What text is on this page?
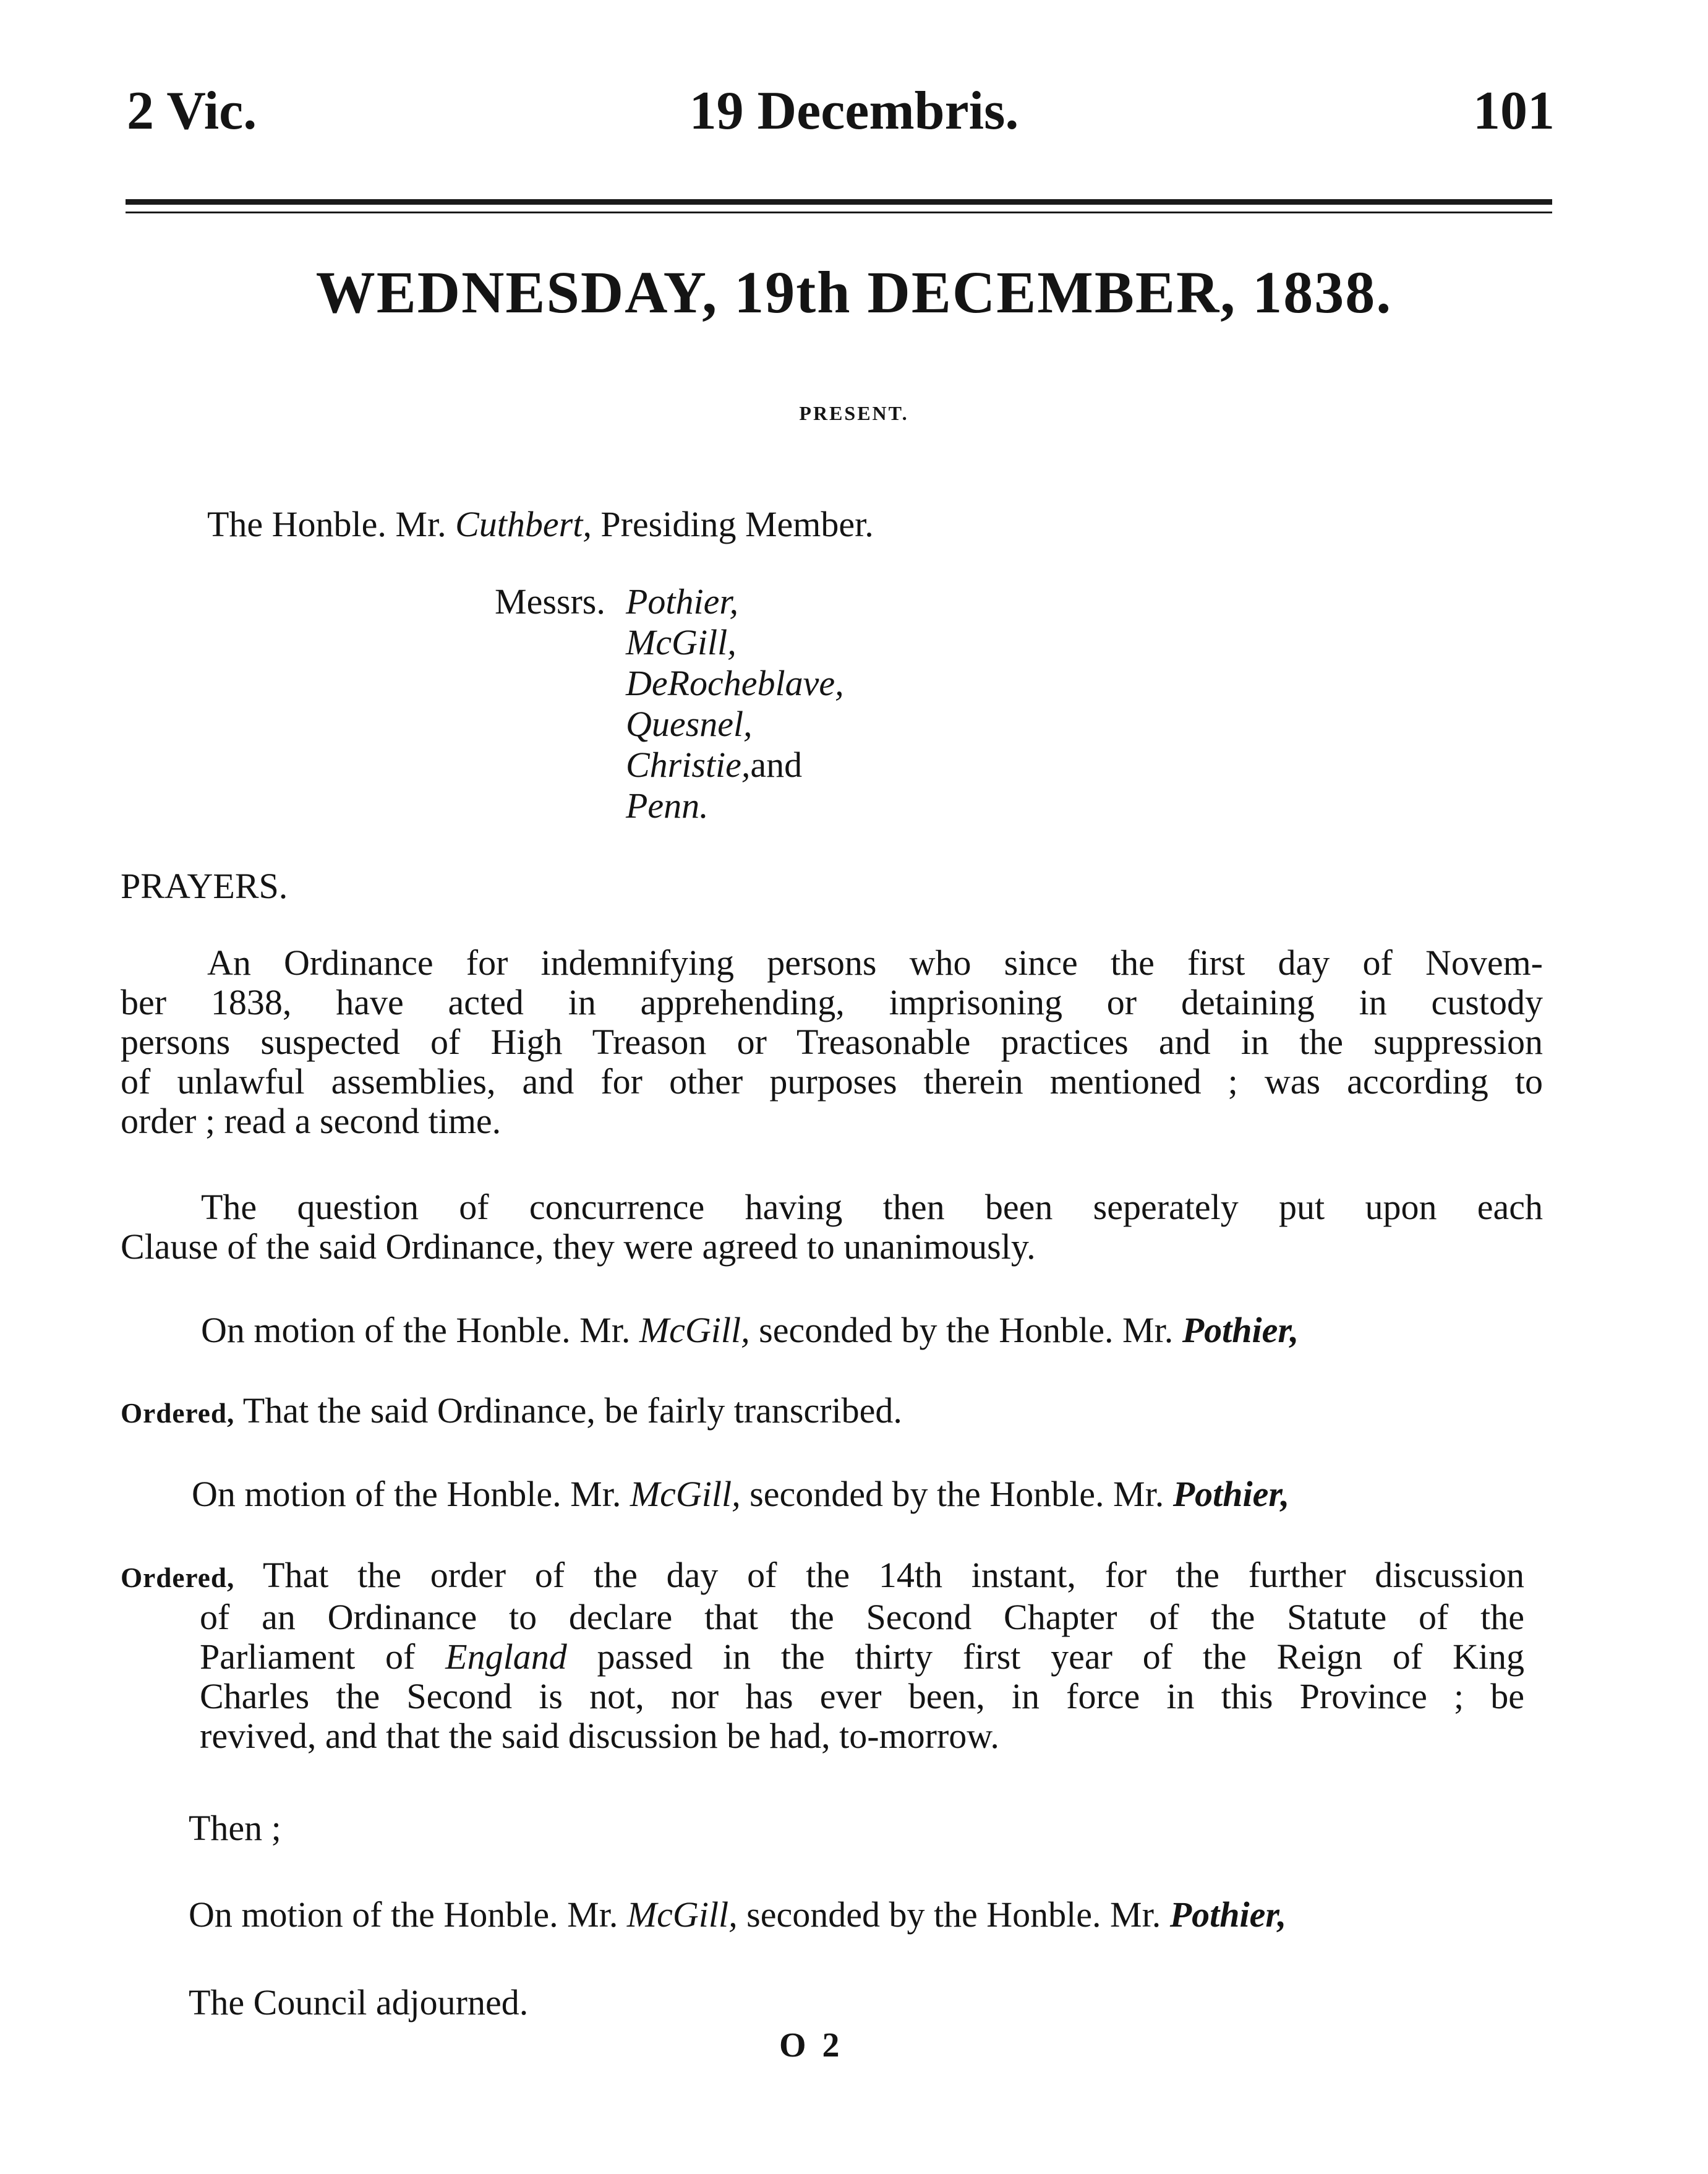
2 Vic.	19 Decembris.	101
WEDNESDAY, 19th DECEMBER, 1838.
PRESENT.
The Honble. Mr. Cuthbert, Presiding Member.
Messrs. Pothier,
McGill,
DeRocheblave,
Quesnel,
Christie,and
Penn.
PRAYERS.
An Ordinance for indemnifying persons who since the first day of Novem-
ber 1838, have acted in apprehending, imprisoning or detaining in custody
persons suspected of High Treason or Treasonable practices and in the suppression
of unlawful assemblies, and for other purposes therein mentioned ; was according to
order ; read a second time.
The question of concurrence having then been seperately put upon each
Clause of the said Ordinance, they were agreed to unanimously.
On motion of the Honble. Mr. McGill, seconded by the Honble. Mr. Pothier,
Ordered, That the said Ordinance, be fairly transcribed.
On motion of the Honble. Mr. McGill, seconded by the Honble. Mr. Pothier,
Ordered, That the order of the day of the 14th instant, for the further discussion
of an Ordinance to declare that the Second Chapter of the Statute of the
Parliament of England passed in the thirty first year of the Reign of King
Charles the Second is not, nor has ever been, in force in this Province ; be
revived, and that the said discussion be had, to-morrow.
Then ;
On motion of the Honble. Mr. McGill, seconded by the Honble. Mr. Pothier,
The Council adjourned.
O 2
